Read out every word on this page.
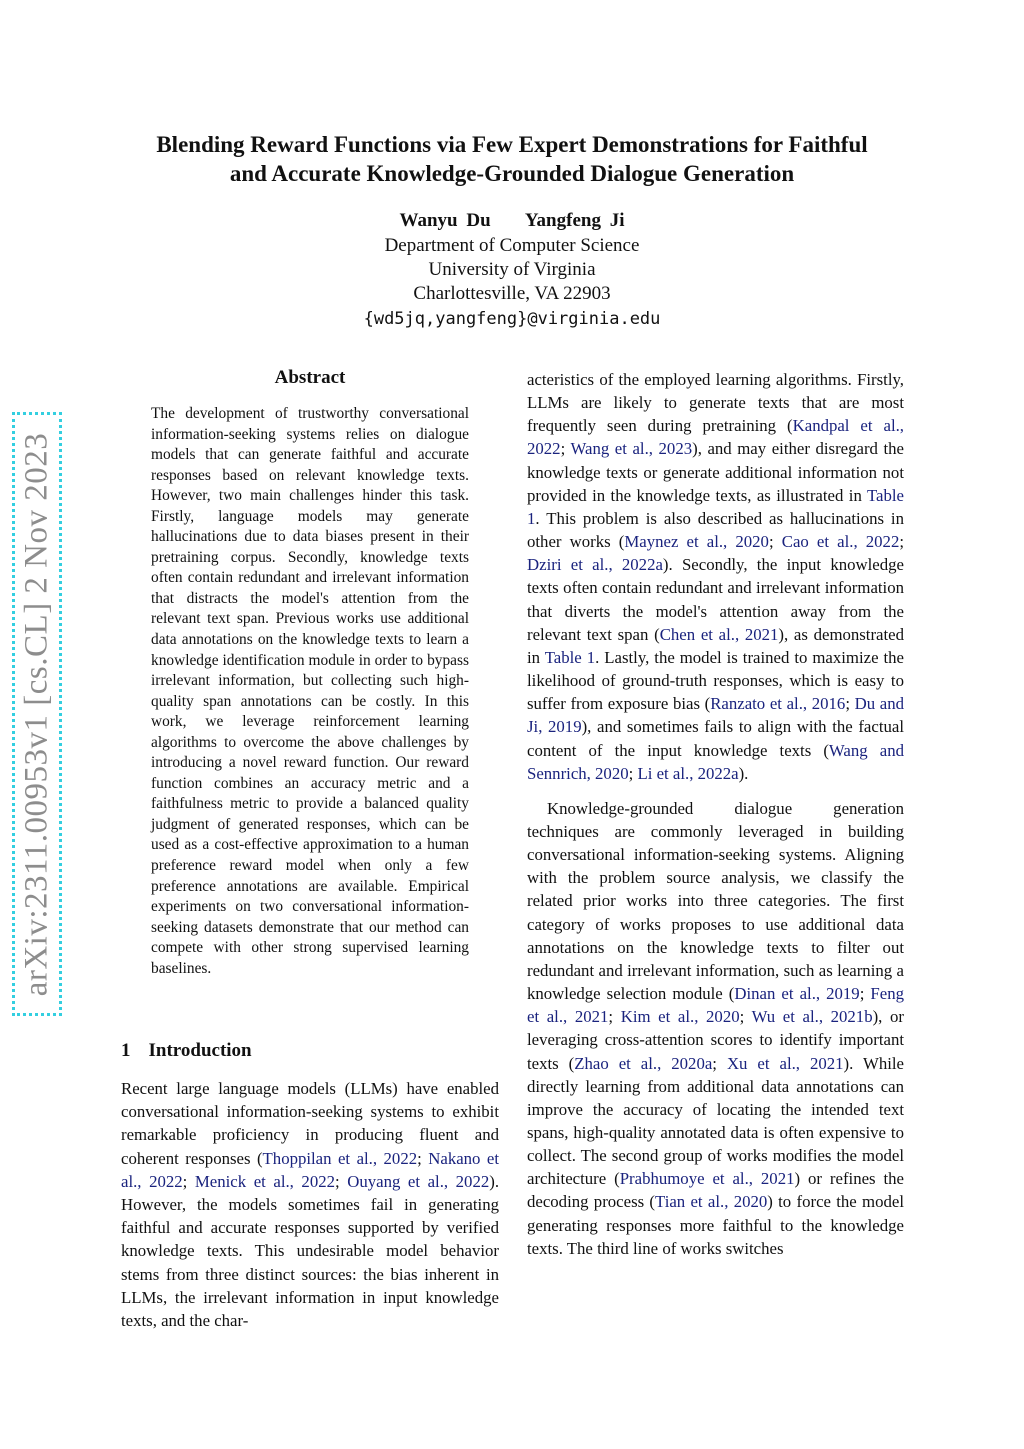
arXiv:2311.00953v1 [cs.CL] 2 Nov 2023
Blending Reward Functions via Few Expert Demonstrations for Faithful
and Accurate Knowledge-Grounded Dialogue Generation
Wanyu Du    Yangfeng Ji
Department of Computer Science
University of Virginia
Charlottesville, VA 22903
{wd5jq,yangfeng}@virginia.edu
Abstract

The development of trustworthy conversational information-seeking systems relies on dialogue models that can generate faithful and accurate responses based on relevant knowledge texts. However, two main challenges hinder this task. Firstly, language models may generate hallucinations due to data biases present in their pretraining corpus. Secondly, knowledge texts often contain redundant and irrelevant information that distracts the model's attention from the relevant text span. Previous works use additional data annotations on the knowledge texts to learn a knowledge identification module in order to bypass irrelevant information, but collecting such high-quality span annotations can be costly. In this work, we leverage reinforcement learning algorithms to overcome the above challenges by introducing a novel reward function. Our reward function combines an accuracy metric and a faithfulness metric to provide a balanced quality judgment of generated responses, which can be used as a cost-effective approximation to a human preference reward model when only a few preference annotations are available. Empirical experiments on two conversational information-seeking datasets demonstrate that our method can compete with other strong supervised learning baselines.

1 Introduction

Recent large language models (LLMs) have enabled conversational information-seeking systems to exhibit remarkable proficiency in producing fluent and coherent responses (Thoppilan et al., 2022; Nakano et al., 2022; Menick et al., 2022; Ouyang et al., 2022). However, the models sometimes fail in generating faithful and accurate responses supported by verified knowledge texts. This undesirable model behavior stems from three distinct sources: the bias inherent in LLMs, the irrelevant information in input knowledge texts, and the char-

acteristics of the employed learning algorithms. Firstly, LLMs are likely to generate texts that are most frequently seen during pretraining (Kandpal et al., 2022; Wang et al., 2023), and may either disregard the knowledge texts or generate additional information not provided in the knowledge texts, as illustrated in Table 1. This problem is also described as hallucinations in other works (Maynez et al., 2020; Cao et al., 2022; Dziri et al., 2022a). Secondly, the input knowledge texts often contain redundant and irrelevant information that diverts the model's attention away from the relevant text span (Chen et al., 2021), as demonstrated in Table 1. Lastly, the model is trained to maximize the likelihood of ground-truth responses, which is easy to suffer from exposure bias (Ranzato et al., 2016; Du and Ji, 2019), and sometimes fails to align with the factual content of the input knowledge texts (Wang and Sennrich, 2020; Li et al., 2022a).

Knowledge-grounded dialogue generation techniques are commonly leveraged in building conversational information-seeking systems. Aligning with the problem source analysis, we classify the related prior works into three categories. The first category of works proposes to use additional data annotations on the knowledge texts to filter out redundant and irrelevant information, such as learning a knowledge selection module (Dinan et al., 2019; Feng et al., 2021; Kim et al., 2020; Wu et al., 2021b), or leveraging cross-attention scores to identify important texts (Zhao et al., 2020a; Xu et al., 2021). While directly learning from additional data annotations can improve the accuracy of locating the intended text spans, high-quality annotated data is often expensive to collect. The second group of works modifies the model architecture (Prabhumoye et al., 2021) or refines the decoding process (Tian et al., 2020) to force the model generating responses more faithful to the knowledge texts. The third line of works switches
